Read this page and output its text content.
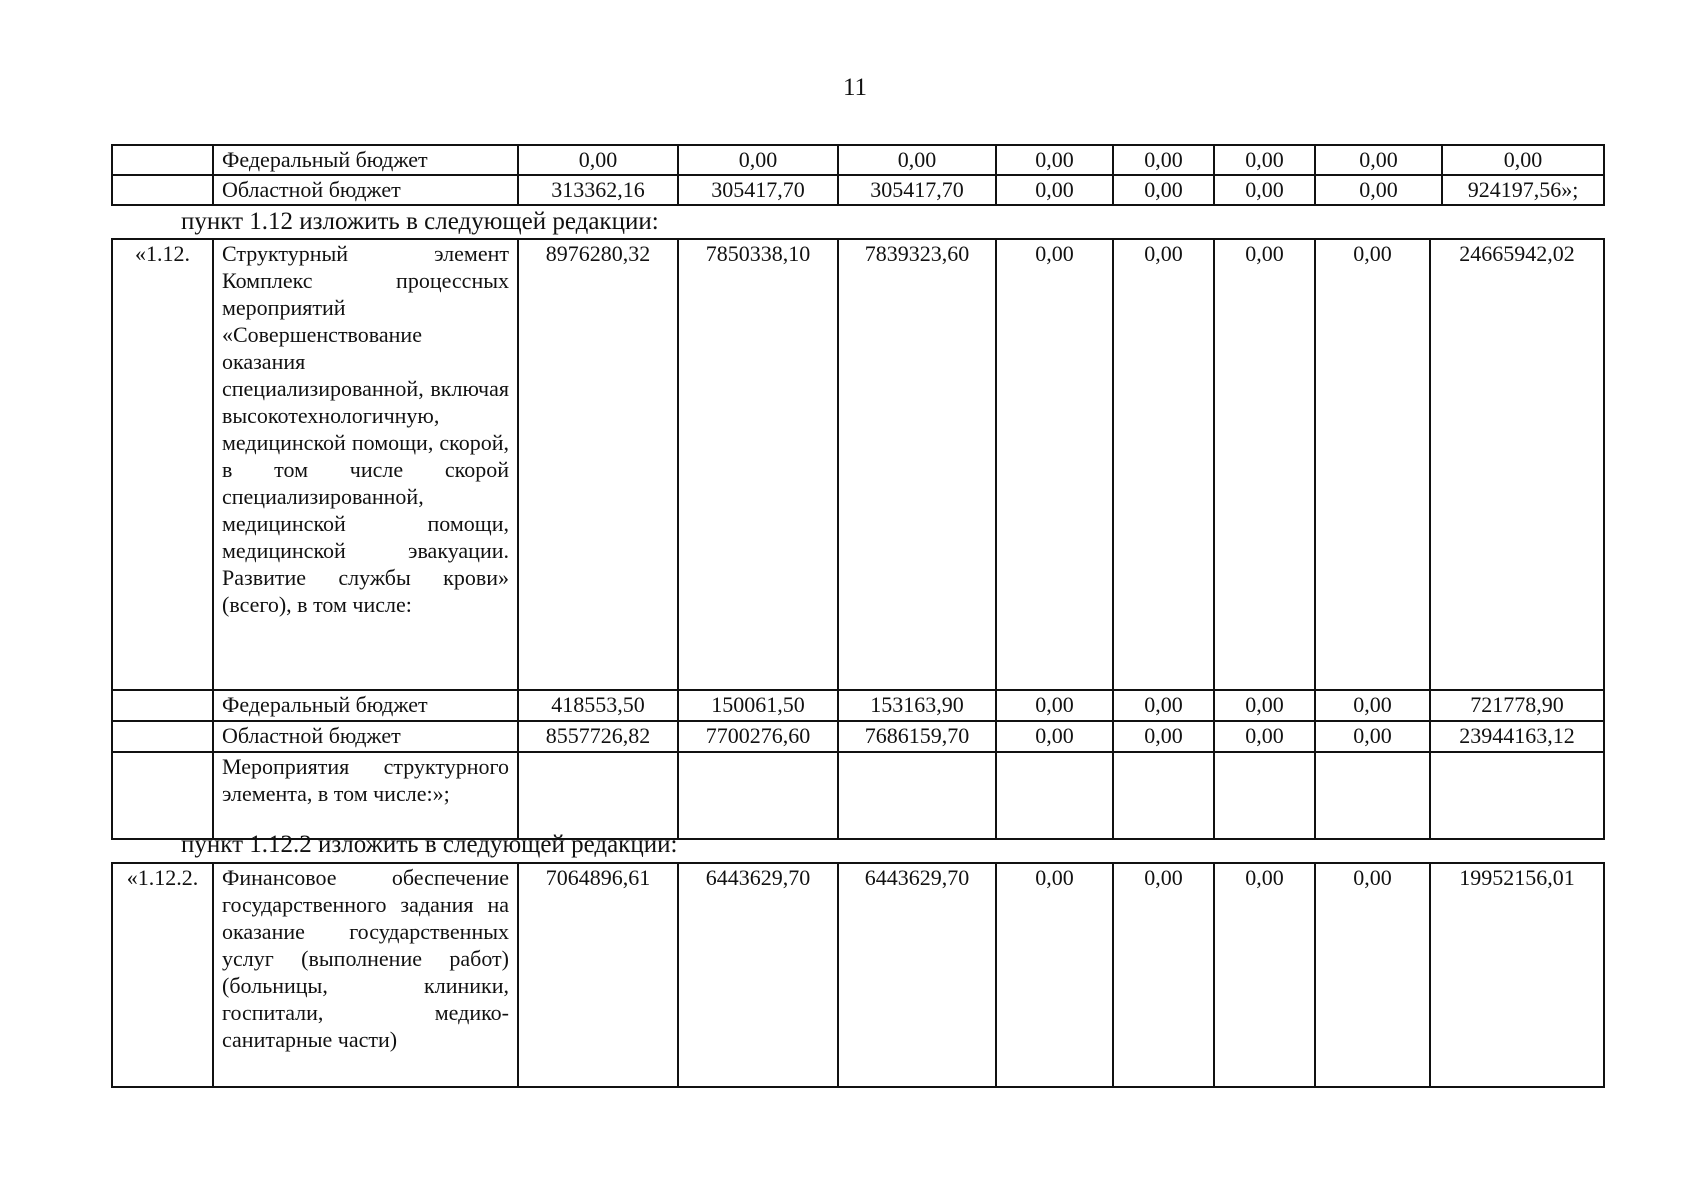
11
	Федеральный бюджет	0,00	0,00	0,00	0,00	0,00	0,00	0,00	0,00
	Областной бюджет	313362,16	305417,70	305417,70	0,00	0,00	0,00	0,00	924197,56»;
пункт 1.12 изложить в следующей редакции:
«1.12.	Структурный элемент Комплекс процессных мероприятий «Совершенствование оказания специализированной, включая высокотехнологичную, медицинской помощи, скорой, в том числе скорой специализированной, медицинской помощи, медицинской эвакуации. Развитие службы крови» (всего), в том числе:	8976280,32	7850338,10	7839323,60	0,00	0,00	0,00	0,00	24665942,02
	Федеральный бюджет	418553,50	150061,50	153163,90	0,00	0,00	0,00	0,00	721778,90
	Областной бюджет	8557726,82	7700276,60	7686159,70	0,00	0,00	0,00	0,00	23944163,12
	Мероприятия структурного элемента, в том числе:»;								
пункт 1.12.2 изложить в следующей редакции:
«1.12.2.	Финансовое обеспечение государственного задания на оказание государственных услуг (выполнение работ) (больницы, клиники, госпитали, медико-санитарные части)	7064896,61	6443629,70	6443629,70	0,00	0,00	0,00	0,00	19952156,01
